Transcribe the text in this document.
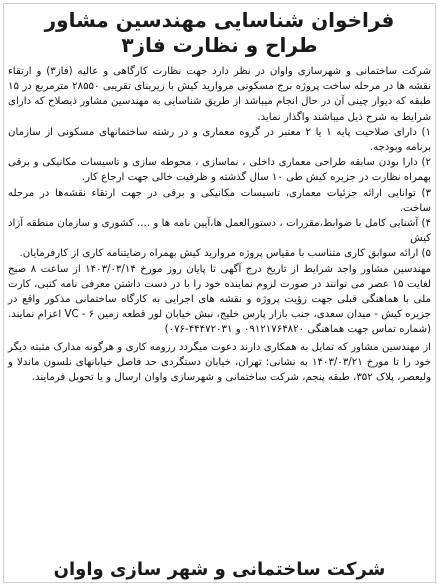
فراخوان شناسایی مهندسین مشاور
طراح و نظارت فاز۳

شرکت ساختمانی و شهرسازی واوان در نظر دارد جهت نظارت کارگاهی و عالیه (فاز۳) و ارتقاء نقشه ها در مرحله ساخت پروژه برج مسکونی مروارید کیش با زیربنای تقریبی ۲۸۵۵۰ مترمربع در ۱۵ طبقه که دیوار چینی آن در حال انجام میباشد از طریق شناسایی به مهندسین مشاور ذیصلاح که دارای شرایط به شرح ذیل میباشند واگذار نماید.

۱) دارای صلاحیت پایه ۱ یا ۲ معتبر در گروه معماری و در رشته ساختمانهای مسکونی از سازمان برنامه وبودجه.
۲) دارا بودن سابقه طراحی معماری داخلی ، نماسازی ، محوطه سازی و تاسیسات مکانیکی و برقی بهمراه نظارت در جزیره کیش طی ۱۰ سال گذشته و ظرفیت خالی جهت ارجاع کار.
۳) توانایی ارائه جزئیات معماری، تاسیسات مکانیکی و برقی در جهت ارتقاء نقشه‌ها در مرحله ساخت.
۴) آشنایی کامل با ضوابط،مقررات ، دستورالعمل ها،آیین نامه ها و .... کشوری و سازمان منطقه آزاد کیش
۵) ارائه سوابق کاری متناسب با مقیاس پروژه مروارید کیش بهمراه رضایتنامه کاری از کارفرمایان.

مهندسین مشاور واجد شرایط از تاریخ درج آگهی تا پایان روز مورخ ۱۴۰۳/۰۳/۱۴ از ساعت ۸ صبح لغایت ۱۵ عصر می توانند در صورت لزوم نماینده خود را با در دست داشتن معرفی نامه کتبی، کارت ملی با هماهنگی قبلی جهت رؤیت پروژه و نقشه های اجرایی به کارگاه ساختمانی مذکور واقع در جزیره کیش - میدان سعدی، جنب بازار پارس خلیج، نبش خیابان لور قطعه زمین ۶ - VC اعزام نمایند. (شماره تماس جهت هماهنگی ۰۹۱۲۱۷۶۴۸۲۰ و ۴۴۴۷۲۰۳۱-۰۷۶)

از مهندسین مشاور که تمایل به همکاری دارند دعوت میگردد رزومه کاری و هرگونه مدارک مثبته دیگر خود را تا مورخ ۱۴۰۳/۰۳/۲۱ به نشانی: تهران، خیابان دستگردی حد فاصل خیابانهای نلسون ماندلا و ولیعصر، پلاک ۳۵۲، طبقه پنجم، شرکت ساختمانی و شهرسازی واوان ارسال و یا تحویل فرمایند.

شرکت ساختمانی و شهر سازی واوان
